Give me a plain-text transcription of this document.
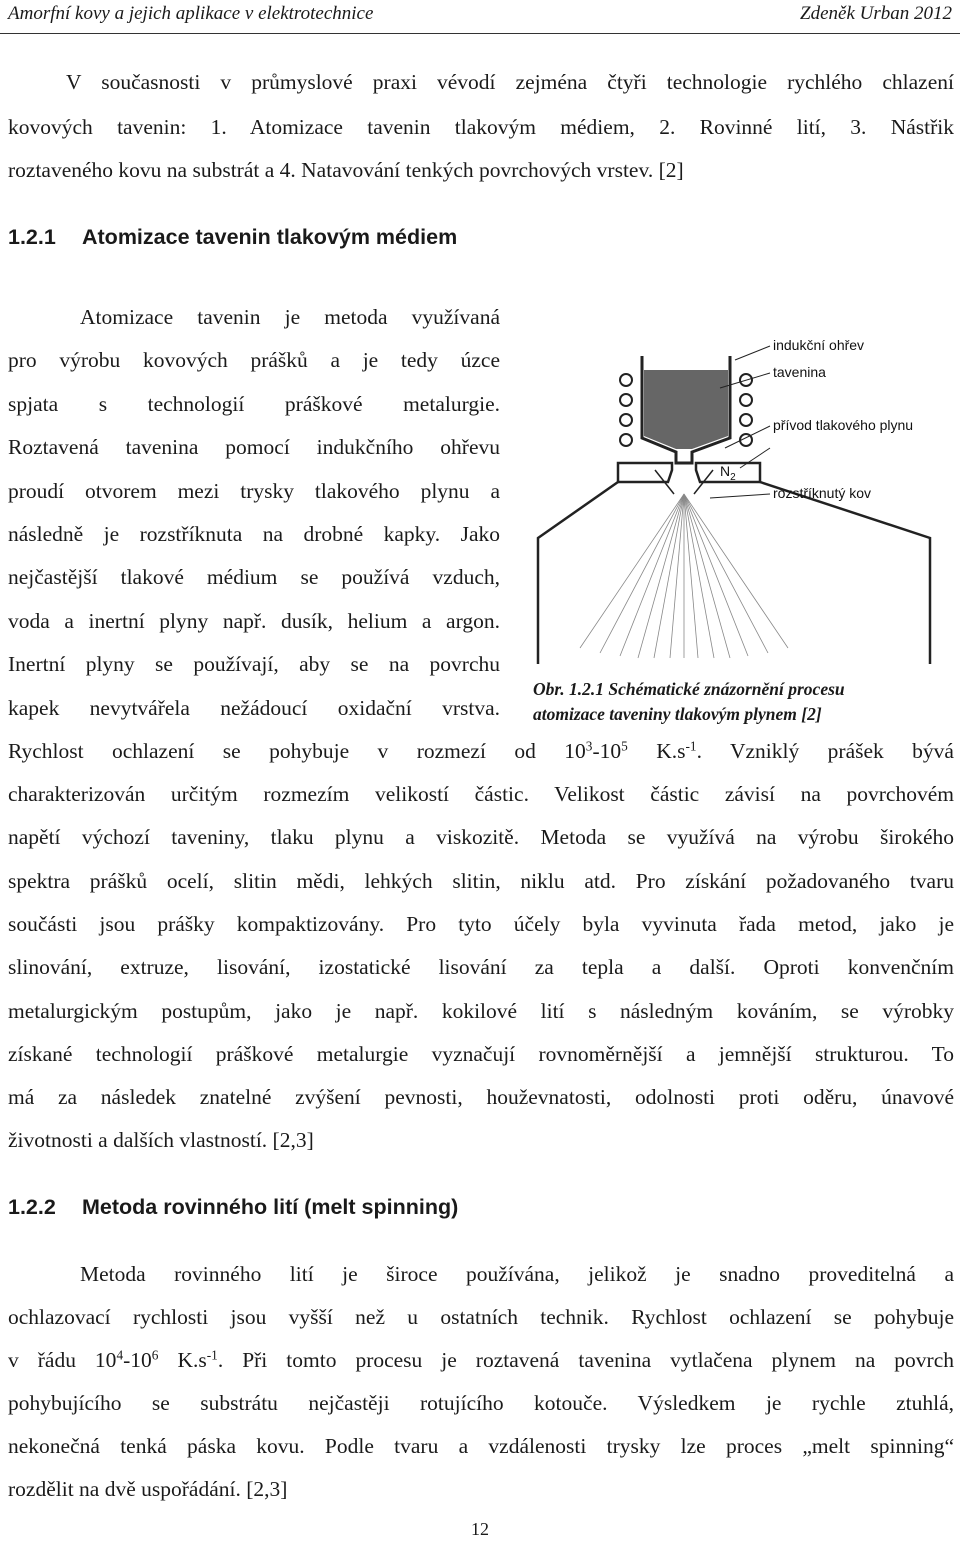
Amorfní kovy a jejich aplikace v elektrotechnice	Zdeněk Urban 2012
V současnosti v průmyslové praxi vévodí zejména čtyři technologie rychlého chlazení
kovových tavenin: 1. Atomizace tavenin tlakovým médiem, 2. Rovinné lití, 3. Nástřik
roztaveného kovu na substrát a 4. Natavování tenkých povrchových vrstev. [2]
1.2.1 Atomizace tavenin tlakovým médiem
Atomizace tavenin je metoda využívaná
pro výrobu kovových prášků a je tedy úzce
spjata s technologií práškové metalurgie.
Roztavená tavenina pomocí indukčního ohřevu
proudí otvorem mezi trysky tlakového plynu a
následně je rozstříknuta na drobné kapky. Jako
nejčastější tlakové médium se používá vzduch,
voda a inertní plyny např. dusík, helium a argon.
Inertní plyny se používají, aby se na povrchu
kapek nevytvářela nežádoucí oxidační vrstva.
indukční ohřev
tavenina
přívod tlakového plynu
$N_2$
rozstříknutý kov
Obr. 1.2.1 Schématické znázornění procesu
atomizace taveniny tlakovým plynem [2]
Rychlost ochlazení se pohybuje v rozmezí od $10^3-10^5$ $K.s^{-1}$. Vzniklý prášek bývá
charakterizován určitým rozmezím velikostí částic. Velikost částic závisí na povrchovém
napětí výchozí taveniny, tlaku plynu a viskozitě. Metoda se využívá na výrobu širokého
spektra prášků ocelí, slitin mědi, lehkých slitin, niklu atd. Pro získání požadovaného tvaru
součásti jsou prášky kompaktizovány. Pro tyto účely byla vyvinuta řada metod, jako je
slinování, extruze, lisování, izostatické lisování za tepla a další. Oproti konvenčním
metalurgickým postupům, jako je např. kokilové lití s následným kováním, se výrobky
získané technologií práškové metalurgie vyznačují rovnoměrnější a jemnější strukturou. To
má za následek znatelné zvýšení pevnosti, houževnatosti, odolnosti proti oděru, únavové
životnosti a dalších vlastností. [2,3]
1.2.2 Metoda rovinného lití (melt spinning)
Metoda rovinného lití je široce používána, jelikož je snadno proveditelná a
ochlazovací rychlosti jsou vyšší než u ostatních technik. Rychlost ochlazení se pohybuje
v řádu $10^4-10^6$ $K.s^{-1}$. Při tomto procesu je roztavená tavenina vytlačena plynem na povrch
pohybujícího se substrátu nejčastěji rotujícího kotouče. Výsledkem je rychle ztuhlá,
nekonečná tenká páska kovu. Podle tvaru a vzdálenosti trysky lze proces „melt spinning“
rozdělit na dvě uspořádání. [2,3]
12
